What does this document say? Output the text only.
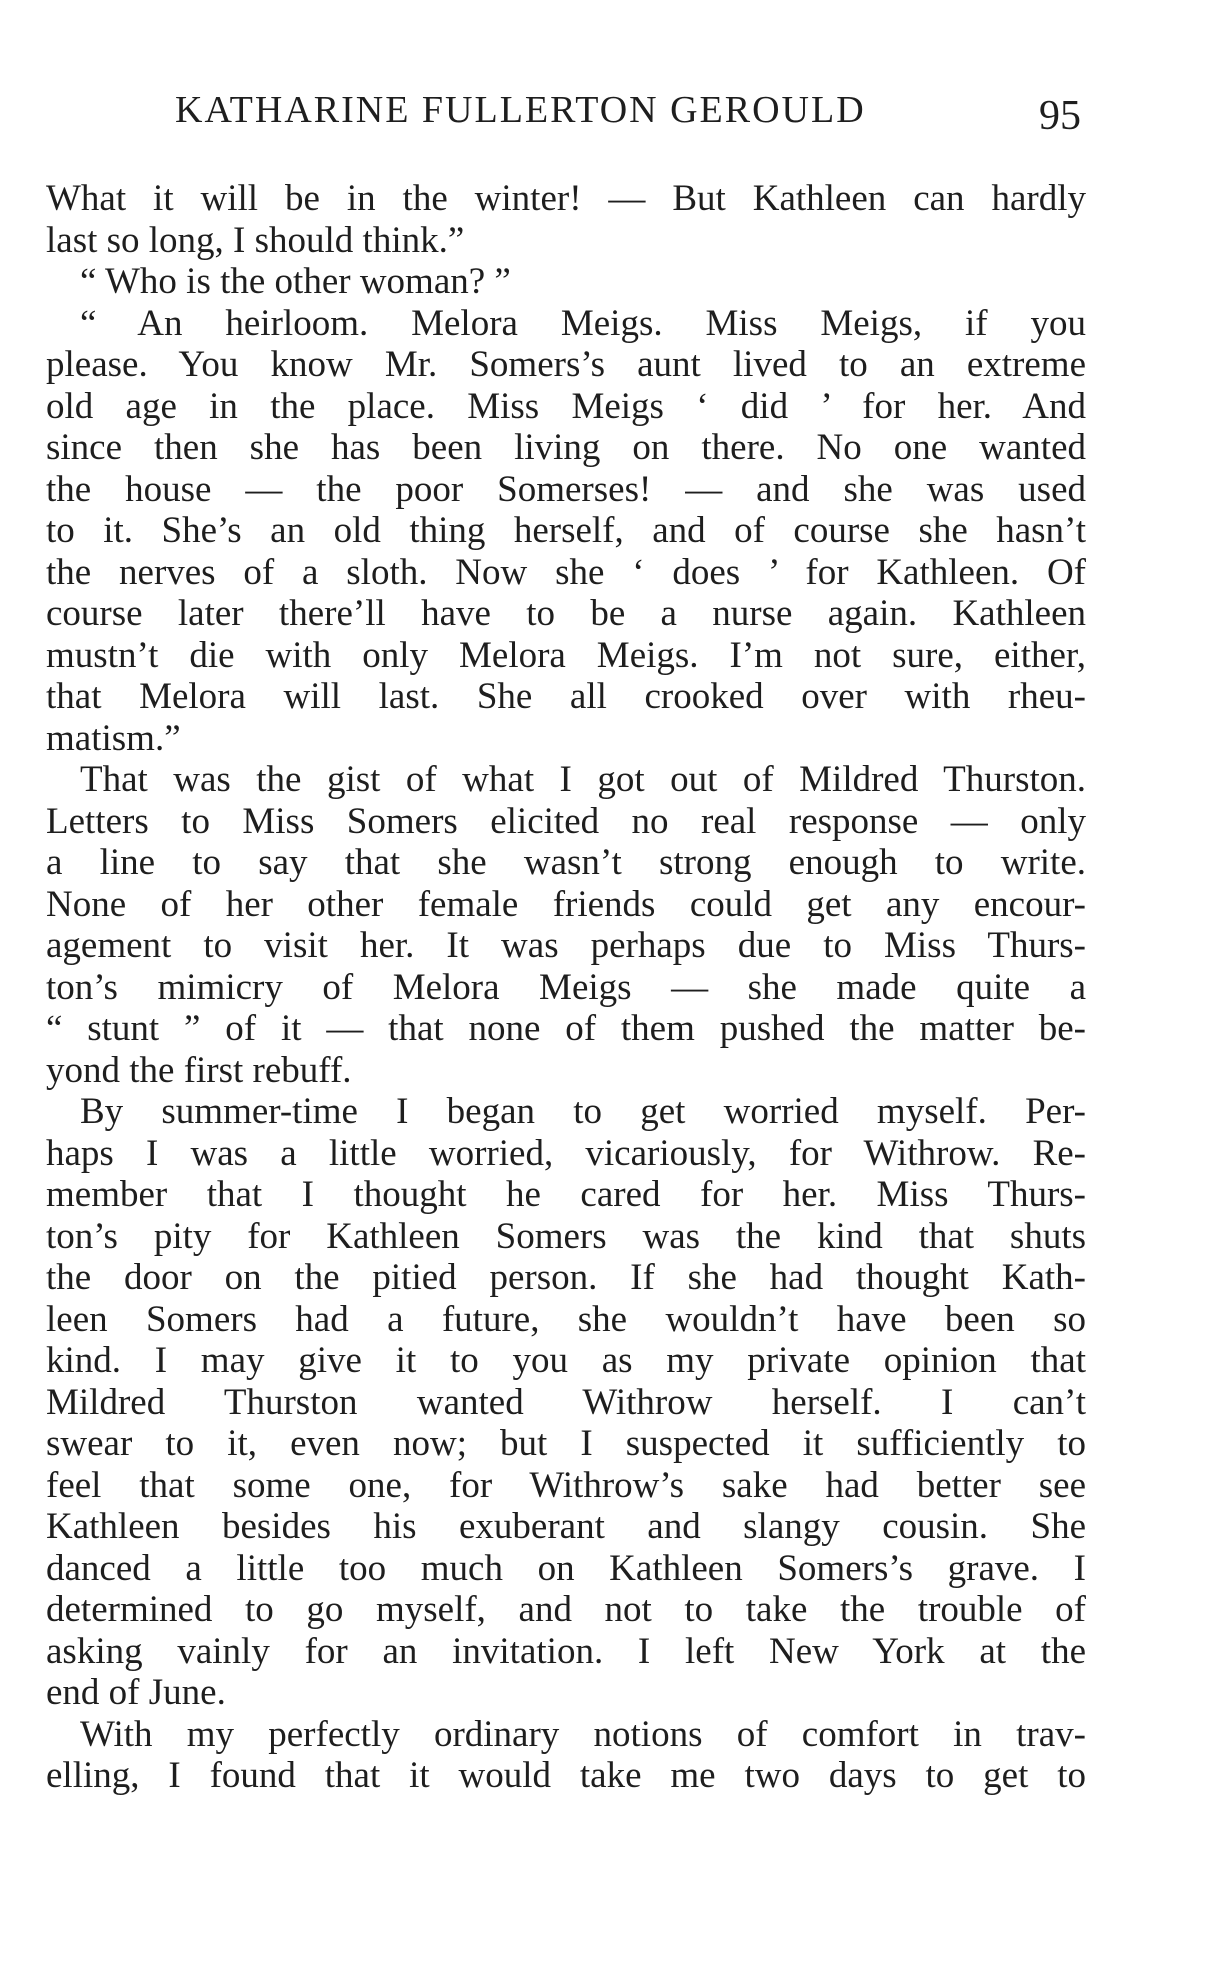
KATHARINE FULLERTON GEROULD	95
What it will be in the winter! — But Kathleen can hardly
last so long, I should think.”
“ Who is the other woman? ”
“ An heirloom. Melora Meigs. Miss Meigs, if you
please. You know Mr. Somers’s aunt lived to an extreme
old age in the place. Miss Meigs ‘ did ’ for her. And
since then she has been living on there. No one wanted
the house — the poor Somerses! — and she was used
to it. She’s an old thing herself, and of course she hasn’t
the nerves of a sloth. Now she ‘ does ’ for Kathleen. Of
course later there’ll have to be a nurse again. Kathleen
mustn’t die with only Melora Meigs. I’m not sure, either,
that Melora will last. She all crooked over with rheu-
matism.”
That was the gist of what I got out of Mildred Thurston.
Letters to Miss Somers elicited no real response — only
a line to say that she wasn’t strong enough to write.
None of her other female friends could get any encour-
agement to visit her. It was perhaps due to Miss Thurs-
ton’s mimicry of Melora Meigs — she made quite a
“ stunt ” of it — that none of them pushed the matter be-
yond the first rebuff.
By summer-time I began to get worried myself. Per-
haps I was a little worried, vicariously, for Withrow. Re-
member that I thought he cared for her. Miss Thurs-
ton’s pity for Kathleen Somers was the kind that shuts
the door on the pitied person. If she had thought Kath-
leen Somers had a future, she wouldn’t have been so
kind. I may give it to you as my private opinion that
Mildred Thurston wanted Withrow herself. I can’t
swear to it, even now; but I suspected it sufficiently to
feel that some one, for Withrow’s sake had better see
Kathleen besides his exuberant and slangy cousin. She
danced a little too much on Kathleen Somers’s grave. I
determined to go myself, and not to take the trouble of
asking vainly for an invitation. I left New York at the
end of June.
With my perfectly ordinary notions of comfort in trav-
elling, I found that it would take me two days to get to
